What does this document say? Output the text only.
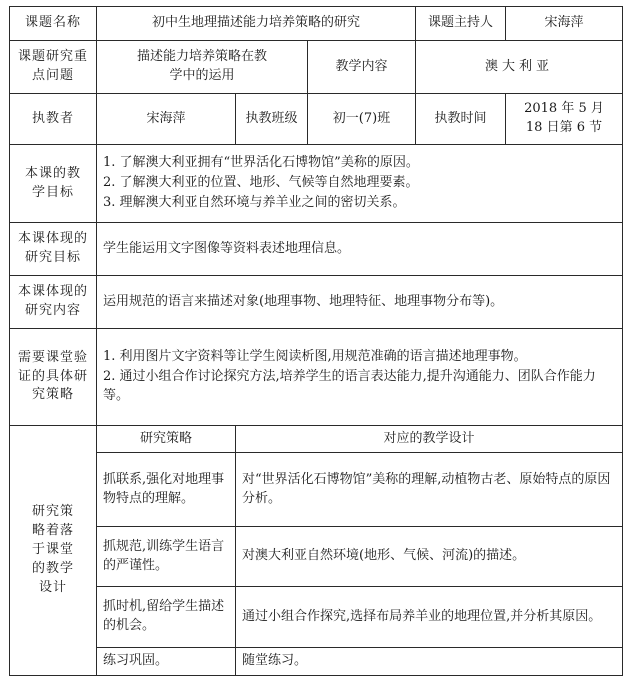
课题名称	初中生地理描述能力培养策略的研究			课题主持人	宋海萍
课题研究重点问题	描述能力培养策略在教学中的运用		教学内容	澳大利亚	
执教者	宋海萍	执教班级	初一(7)班	执教时间	2018 年 5 月
18 日第 6 节

本课的教学目标	1. 了解澳大利亚拥有“世界活化石博物馆”美称的原因。
2. 了解澳大利亚的位置、地形、气候等自然地理要素。
3. 理解澳大利亚自然环境与养羊业之间的密切关系。				

本课体现的研究目标	学生能运用文字图像等资料表述地理信息。				
本课体现的研究内容	运用规范的语言来描述对象(地理事物、地理特征、地理事物分布等)。				
需要课堂验证的具体研究策略	1. 利用图片文字资料等让学生阅读析图,用规范准确的语言描述地理事物。
2. 通过小组合作讨论探究方法,培养学生的语言表达能力,提升沟通能力、团队合作能力等。				

研究策略着落于课堂的教学设计	研究策略	对应的教学设计			
	抓联系,强化对地理事物特点的理解。	对“世界活化石博物馆”美称的理解,动植物古老、原始特点的原因分析。			
	抓规范,训练学生语言的严谨性。	对澳大利亚自然环境(地形、气候、河流)的描述。			
	抓时机,留给学生描述的机会。	通过小组合作探究,选择布局养羊业的地理位置,并分析其原因。			
	练习巩固。	随堂练习。			
